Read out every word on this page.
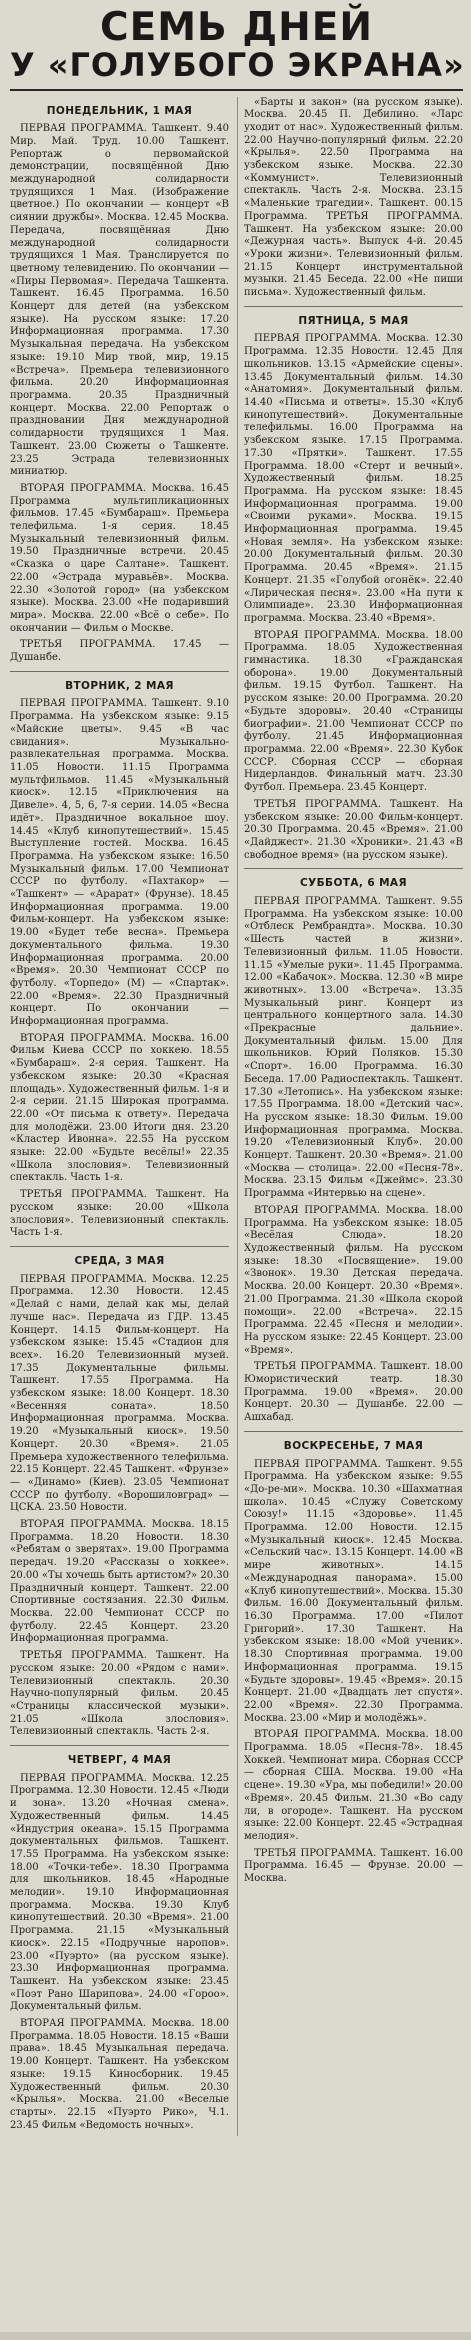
СЕМЬ ДНЕЙ
У «ГОЛУБОГО ЭКРАНА»
ПОНЕДЕЛЬНИК, 1 МАЯ

ПЕРВАЯ ПРОГРАММА. Ташкент. 9.40 Мир. Май. Труд. 10.00 Ташкент. Репортаж о первомайской демонстрации, посвящённой Дню международной солидарности трудящихся 1 Мая. (Изображение цветное.) По окончании — концерт «В сиянии дружбы». Москва. 12.45 Москва. Передача, посвящённая Дню международной солидарности трудящихся 1 Мая. Транслируется по цветному телевидению. По окончании — «Пиры Первомая». Передача Ташкента. Ташкент. 16.45 Программа. 16.50 Концерт для детей (на узбекском языке). На русском языке: 17.20 Информационная программа. 17.30 Музыкальная передача. На узбекском языке: 19.10 Мир твой, мир, 19.15 «Встреча». Премьера телевизионного фильма. 20.20 Информационная программа. 20.35 Праздничный концерт. Москва. 22.00 Репортаж о праздновании Дня международной солидарности трудящихся 1 Мая. Ташкент. 23.00 Сюжеты о Ташкенте. 23.25 Эстрада телевизионных миниатюр.

ВТОРАЯ ПРОГРАММА. Москва. 16.45 Программа мультипликационных фильмов. 17.45 «Бумбараш». Премьера телефильма. 1-я серия. 18.45 Музыкальный телевизионный фильм. 19.50 Праздничные встречи. 20.45 «Сказка о царе Салтане». Ташкент. 22.00 «Эстрада муравьёв». Москва. 22.30 «Золотой город» (на узбекском языке). Москва. 23.00 «Не подаривший мира». Москва. 22.00 «Всё о себе». По окончании — Фильм о Москве.

ТРЕТЬЯ ПРОГРАММА. 17.45 — Душанбе.

ВТОРНИК, 2 МАЯ

ПЕРВАЯ ПРОГРАММА. Ташкент. 9.10 Программа. На узбекском языке: 9.15 «Майские цветы». 9.45 «В час свидания». Музыкально-развлекательная программа. Москва. 11.05 Новости. 11.15 Программа мультфильмов. 11.45 «Музыкальный киоск». 12.15 «Приключения на Дивеле». 4, 5, 6, 7-я серии. 14.05 «Весна идёт». Праздничное вокальное шоу. 14.45 «Клуб кинопутешествий». 15.45 Выступление гостей. Москва. 16.45 Программа. На узбекском языке: 16.50 Музыкальный фильм. 17.00 Чемпионат СССР по футболу. «Пахтакор» — «Ташкент» — «Арарат» (Фрунзе). 18.45 Информационная программа. 19.00 Фильм-концерт. На узбекском языке: 19.00 «Будет тебе весна». Премьера документального фильма. 19.30 Информационная программа. 20.00 «Время». 20.30 Чемпионат СССР по футболу. «Торпедо» (М) — «Спартак». 22.00 «Время». 22.30 Праздничный концерт. По окончании — Информационная программа.

ВТОРАЯ ПРОГРАММА. Москва. 16.00 Фильм Киева СССР по хоккею. 18.55 «Бумбараш». 2-я серия. Ташкент. На узбекском языке: 20.30 «Красная площадь». Художественный фильм. 1-я и 2-я серии. 21.15 Широкая программа. 22.00 «От письма к ответу». Передача для молодёжи. 23.00 Итоги дня. 23.20 «Кластер Ивонна». 22.55 На русском языке: 22.00 «Будьте весёлы!» 22.35 «Школа злословия». Телевизионный спектакль. Часть 1-я.

ТРЕТЬЯ ПРОГРАММА. Ташкент. На русском языке: 20.00 «Школа злословия». Телевизионный спектакль. Часть 1-я.

СРЕДА, 3 МАЯ

ПЕРВАЯ ПРОГРАММА. Москва. 12.25 Программа. 12.30 Новости. 12.45 «Делай с нами, делай как мы, делай лучше нас». Передача из ГДР. 13.45 Концерт. 14.15 Фильм-концерт. На узбекском языке: 15.45 «Стадион для всех». 16.20 Телевизионный музей. 17.35 Документальные фильмы. Ташкент. 17.55 Программа. На узбекском языке: 18.00 Концерт. 18.30 «Весенняя соната». 18.50 Информационная программа. Москва. 19.20 «Музыкальный киоск». 19.50 Концерт. 20.30 «Время». 21.05 Премьера художественного телефильма. 22.15 Концерт. 22.45 Ташкент. «Фрунзе» — «Динамо» (Киев). 23.05 Чемпионат СССР по футболу. «Ворошиловград» — ЦСКА. 23.50 Новости.

ВТОРАЯ ПРОГРАММА. Москва. 18.15 Программа. 18.20 Новости. 18.30 «Ребятам о зверятах». 19.00 Программа передач. 19.20 «Рассказы о хоккее». 20.00 «Ты хочешь быть артистом?» 20.30 Праздничный концерт. Ташкент. 22.00 Спортивные состязания. 22.30 Фильм. Москва. 22.00 Чемпионат СССР по футболу. 22.45 Концерт. 23.20 Информационная программа.

ТРЕТЬЯ ПРОГРАММА. Ташкент. На русском языке: 20.00 «Рядом с нами». Телевизионный спектакль. 20.30 Научно-популярный фильм. 20.45 «Страницы классической музыки». 21.05 «Школа злословия». Телевизионный спектакль. Часть 2-я.

ЧЕТВЕРГ, 4 МАЯ

ПЕРВАЯ ПРОГРАММА. Москва. 12.25 Программа. 12.30 Новости. 12.45 «Люди и зона». 13.20 «Ночная смена». Художественный фильм. 14.45 «Индустрия океана». 15.15 Программа документальных фильмов. Ташкент. 17.55 Программа. На узбекском языке: 18.00 «Точки-тебе». 18.30 Программа для школьников. 18.45 «Народные мелодии». 19.10 Информационная программа. Москва. 19.30 Клуб кинопутешествий. 20.30 «Время». 21.00 Программа. 21.15 «Музыкальный киоск». 22.15 «Подручные наропов». 23.00 «Пуэрто» (на русском языке). 23.30 Информационная программа. Ташкент. На узбекском языке: 23.45 «Поэт Рано Шарипова». 24.00 «Гороо». Документальный фильм.

ВТОРАЯ ПРОГРАММА. Москва. 18.00 Программа. 18.05 Новости. 18.15 «Ваши права». 18.45 Музыкальная передача. 19.00 Концерт. Ташкент. На узбекском языке: 19.15 Киносборник. 19.45 Художественный фильм. 20.30 «Крылья». Москва. 21.00 «Веселые старты». 22.15 «Пуэрто Рико», Ч.1. 23.45 Фильм «Ведомость ночных».

«Барты и закон» (на русском языке). Москва. 20.45 П. Дебилино. «Ларс уходит от нас». Художественный фильм. 22.00 Научно-популярный фильм. 22.20 «Крылья». 22.50 Программа на узбекском языке. Москва. 22.30 «Коммунист». Телевизионный спектакль. Часть 2-я. Москва. 23.15 «Маленькие трагедии». Ташкент. 00.15 Программа. ТРЕТЬЯ ПРОГРАММА. Ташкент. На узбекском языке: 20.00 «Дежурная часть». Выпуск 4-й. 20.45 «Уроки жизни». Телевизионный фильм. 21.15 Концерт инструментальной музыки. 21.45 Беседа. 22.00 «Не пиши письма». Художественный фильм.

ПЯТНИЦА, 5 МАЯ

ПЕРВАЯ ПРОГРАММА. Москва. 12.30 Программа. 12.35 Новости. 12.45 Для школьников. 13.15 «Армейские сцены». 13.45 Документальный фильм. 14.30 «Анатомия». Документальный фильм. 14.40 «Письма и ответы». 15.30 «Клуб кинопутешествий». Документальные телефильмы. 16.00 Программа на узбекском языке. 17.15 Программа. 17.30 «Прятки». Ташкент. 17.55 Программа. 18.00 «Стерт и вечный». Художественный фильм. 18.25 Программа. На русском языке: 18.45 Информационная программа. 19.00 «Своими руками». Москва. 19.15 Информационная программа. 19.45 «Новая земля». На узбекском языке: 20.00 Документальный фильм. 20.30 Программа. 20.45 «Время». 21.15 Концерт. 21.35 «Голубой огонёк». 22.40 «Лирическая песня». 23.00 «На пути к Олимпиаде». 23.30 Информационная программа. Москва. 23.40 «Время».

ВТОРАЯ ПРОГРАММА. Москва. 18.00 Программа. 18.05 Художественная гимнастика. 18.30 «Гражданская оборона». 19.00 Документальный фильм. 19.15 Футбол. Ташкент. На русском языке: 20.00 Программа. 20.20 «Будьте здоровы». 20.40 «Страницы биографии». 21.00 Чемпионат СССР по футболу. 21.45 Информационная программа. 22.00 «Время». 22.30 Кубок СССР. Сборная СССР — сборная Нидерландов. Финальный матч. 23.30 Футбол. Премьера. 23.45 Концерт.

ТРЕТЬЯ ПРОГРАММА. Ташкент. На узбекском языке: 20.00 Фильм-концерт. 20.30 Программа. 20.45 «Время». 21.00 «Дайджест». 21.30 «Хроники». 21.43 «В свободное время» (на русском языке).

СУББОТА, 6 МАЯ

ПЕРВАЯ ПРОГРАММА. Ташкент. 9.55 Программа. На узбекском языке: 10.00 «Отблеск Рембрандта». Москва. 10.30 «Шесть частей в жизни». Телевизионный фильм. 11.05 Новости. 11.15 «Умелые руки». 11.45 Программа. 12.00 «Кабачок». Москва. 12.30 «В мире животных». 13.00 «Встреча». 13.35 Музыкальный ринг. Концерт из центрального концертного зала. 14.30 «Прекрасные дальние». Документальный фильм. 15.00 Для школьников. Юрий Поляков. 15.30 «Спорт». 16.00 Программа. 16.30 Беседа. 17.00 Радиоспектакль. Ташкент. 17.30 «Летопись». На узбекском языке: 17.55 Программа. 18.00 «Детский час». На русском языке: 18.30 Фильм. 19.00 Информационная программа. Москва. 19.20 «Телевизионный Клуб». 20.00 Концерт. Ташкент. 20.30 «Время». 21.00 «Москва — столица». 22.00 «Песня-78». Москва. 23.15 Фильм «Джеймс». 23.30 Программа «Интервью на сцене».

ВТОРАЯ ПРОГРАММА. Москва. 18.00 Программа. На узбекском языке: 18.05 «Весёлая Слюда». 18.20 Художественный фильм. На русском языке: 18.30 «Посвящение». 19.00 «Звонок». 19.30 Детская передача. Москва. 20.00 Концерт. 20.30 «Время». 21.00 Программа. 21.30 «Школа скорой помощи». 22.00 «Встреча». 22.15 Программа. 22.45 «Песня и мелодии». На русском языке: 22.45 Концерт. 23.00 «Время».

ТРЕТЬЯ ПРОГРАММА. Ташкент. 18.00 Юмористический театр. 18.30 Программа. 19.00 «Время». 20.00 Концерт. 20.30 — Душанбе. 22.00 — Ашхабад.

ВОСКРЕСЕНЬЕ, 7 МАЯ

ПЕРВАЯ ПРОГРАММА. Ташкент. 9.55 Программа. На узбекском языке: 9.55 «До-ре-ми». Москва. 10.30 «Шахматная школа». 10.45 «Служу Советскому Союзу!» 11.15 «Здоровье». 11.45 Программа. 12.00 Новости. 12.15 «Музыкальный киоск». 12.45 Москва. «Сельский час». 13.15 Концерт. 14.00 «В мире животных». 14.15 «Международная панорама». 15.00 «Клуб кинопутешествий». Москва. 15.30 Фильм. 16.00 Документальный фильм. 16.30 Программа. 17.00 «Пилот Григорий». 17.30 Ташкент. На узбекском языке: 18.00 «Мой ученик». 18.30 Спортивная программа. 19.00 Информационная программа. 19.15 «Будьте здоровы». 19.45 «Время». 20.15 Концерт. 21.00 «Двадцать лет спустя». 22.00 «Время». 22.30 Программа. Москва. 23.00 «Мир и молодёжь».

ВТОРАЯ ПРОГРАММА. Москва. 18.00 Программа. 18.05 «Песня-78». 18.45 Хоккей. Чемпионат мира. Сборная СССР — сборная США. Москва. 19.00 «На сцене». 19.30 «Ура, мы победили!» 20.00 «Время». 20.45 Фильм. 21.30 «Во саду ли, в огороде». Ташкент. На русском языке: 22.00 Концерт. 22.45 «Эстрадная мелодия».

ТРЕТЬЯ ПРОГРАММА. Ташкент. 16.00 Программа. 16.45 — Фрунзе. 20.00 — Москва.
